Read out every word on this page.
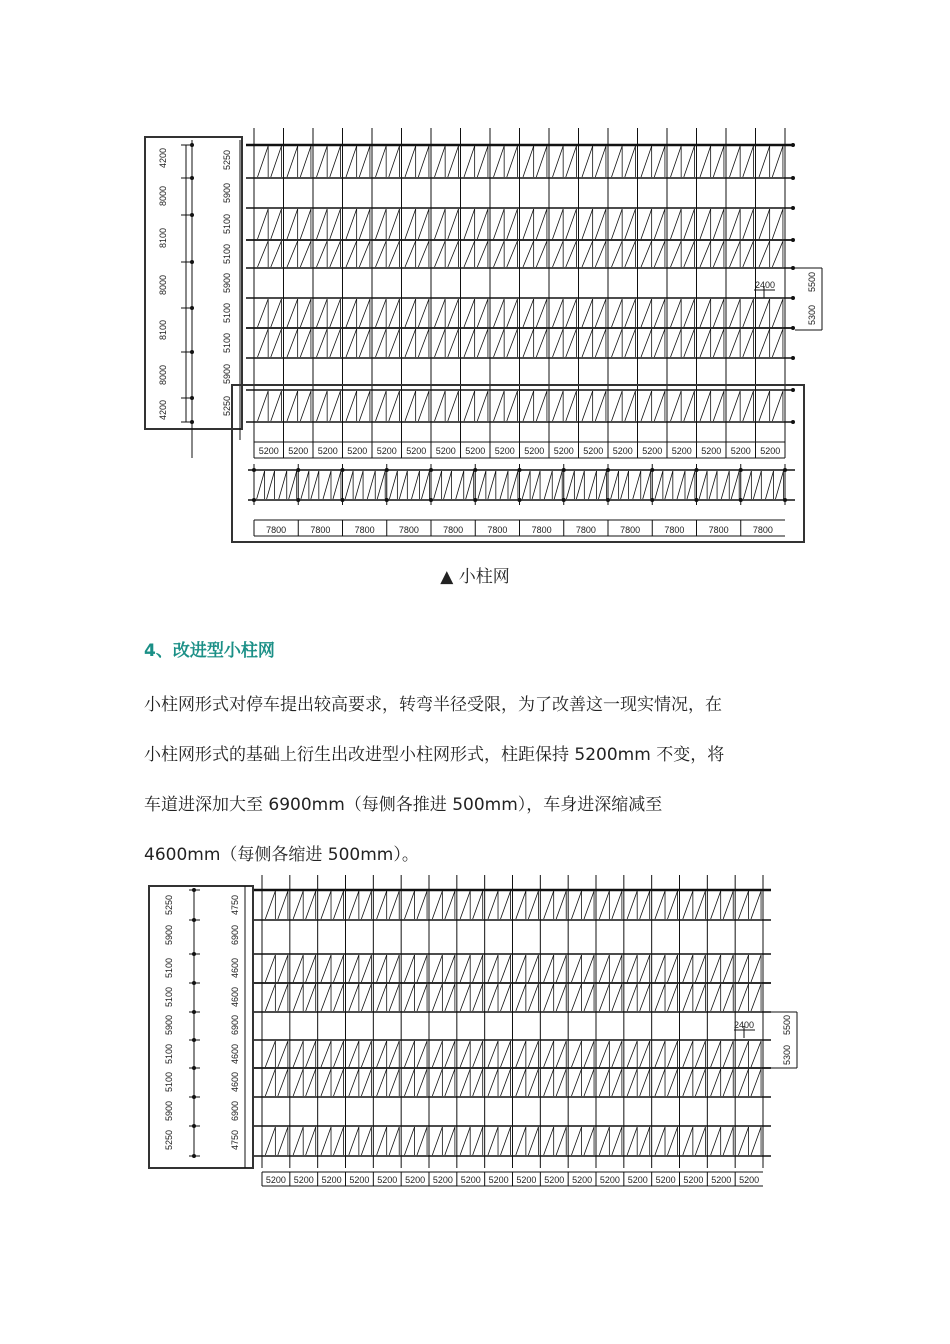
4200
8000
8100
8000
8100
8000
4200
5250
5900
5100
5100
5900
5100
5100
5900
5250
5200 5200 5200 5200 5200 5200 5200 5200 5200 5200 5200 5200 5200 5200 5200 5200 5200 5200
2400	5500
5300
7800	7800	7800	7800	7800	7800	7800	7800	7800	7800	7800	7800
▲ 小柱网
4、改进型小柱网
小柱网形式对停车提出较高要求，转弯半径受限，为了改善这一现实情况，在
小柱网形式的基础上衍生出改进型小柱网形式，柱距保持 5200mm 不变，将
车道进深加大至 6900mm（每侧各推进 500mm），车身进深缩减至
4600mm（每侧各缩进 500mm）。
5250
5900
5100
5100
5900
5100
5100
5900
5250
4750
6900
4600
4600
6900
4600
4600
6900
4750
5200 5200 5200 5200 5200 5200 5200 5200 5200 5200 5200 5200 5200 5200 5200 5200 5200 5200
2400	5500
5300
